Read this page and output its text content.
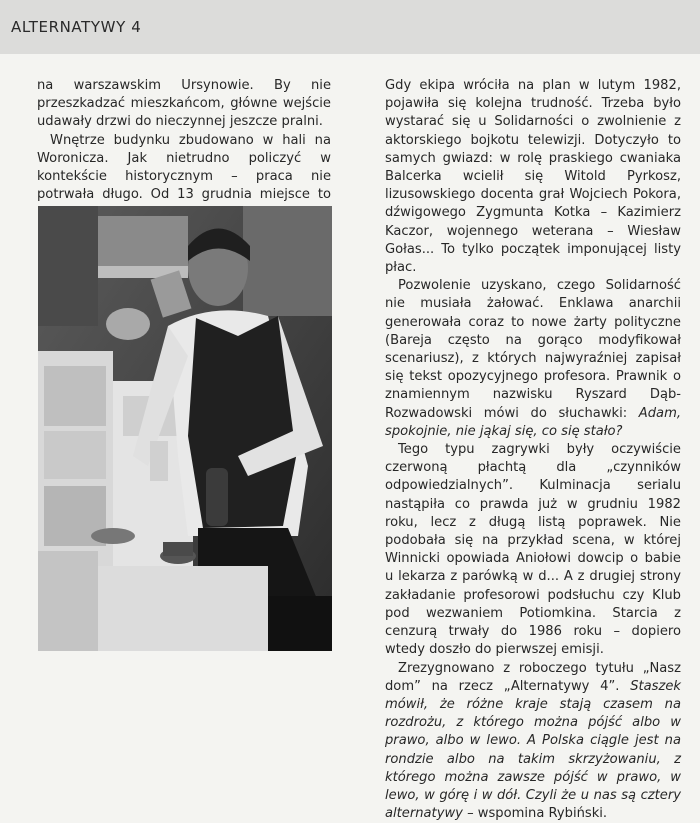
ALTERNATYWY 4

na warszawskim Ursynowie. By nie przeszkadzać mieszkańcom, główne wejście udawały drzwi do nieczynnej jeszcze pralni.

Wnętrze budynku zbudowano w hali na Woronicza. Jak nietrudno policzyć w kontekście historycznym – praca nie potrwała długo. Od 13 grudnia miejsce to

Gdy ekipa wróciła na plan w lutym 1982, pojawiła się kolejna trudność. Trzeba było wystarać się u Solidarności o zwolnienie z aktorskiego bojkotu telewizji. Dotyczyło to samych gwiazd: w rolę praskiego cwaniaka Balcerka wcielił się Witold Pyrkosz, lizusowskiego docenta grał Wojciech Pokora, dźwigowego Zygmunta Kotka – Kazimierz Kaczor, wojennego weterana – Wiesław Gołas... To tylko początek imponującej listy płac.

Pozwolenie uzyskano, czego Solidarność nie musiała żałować. Enklawa anarchii generowała coraz to nowe żarty polityczne (Bareja często na gorąco modyfikował scenariusz), z których najwyraźniej zapisał się tekst opozycyjnego profesora. Prawnik o znamiennym nazwisku Ryszard Dąb-Rozwadowski mówi do słuchawki: Adam, spokojnie, nie jąkaj się, co się stało?

Tego typu zagrywki były oczywiście czerwoną płachtą dla „czynników odpowiedzialnych”. Kulminacja serialu nastąpiła co prawda już w grudniu 1982 roku, lecz z długą listą poprawek. Nie podobała się na przykład scena, w której Winnicki opowiada Aniołowi dowcip o babie u lekarza z parówką w d... A z drugiej strony zakładanie profesorowi podsłuchu czy Klub pod wezwaniem Potiomkina. Starcia z cenzurą trwały do 1986 roku – dopiero wtedy doszło do pierwszej emisji.

Zrezygnowano z roboczego tytułu „Nasz dom” na rzecz „Alternatywy 4”. Staszek mówił, że różne kraje stają czasem na rozdrożu, z którego można pójść albo w prawo, albo w lewo. A Polska ciągle jest na rondzie albo na takim skrzyżowaniu, z którego można zawsze pójść w prawo, w lewo, w górę i w dół. Czyli że u nas są cztery alternatywy – wspomina Rybiński.
